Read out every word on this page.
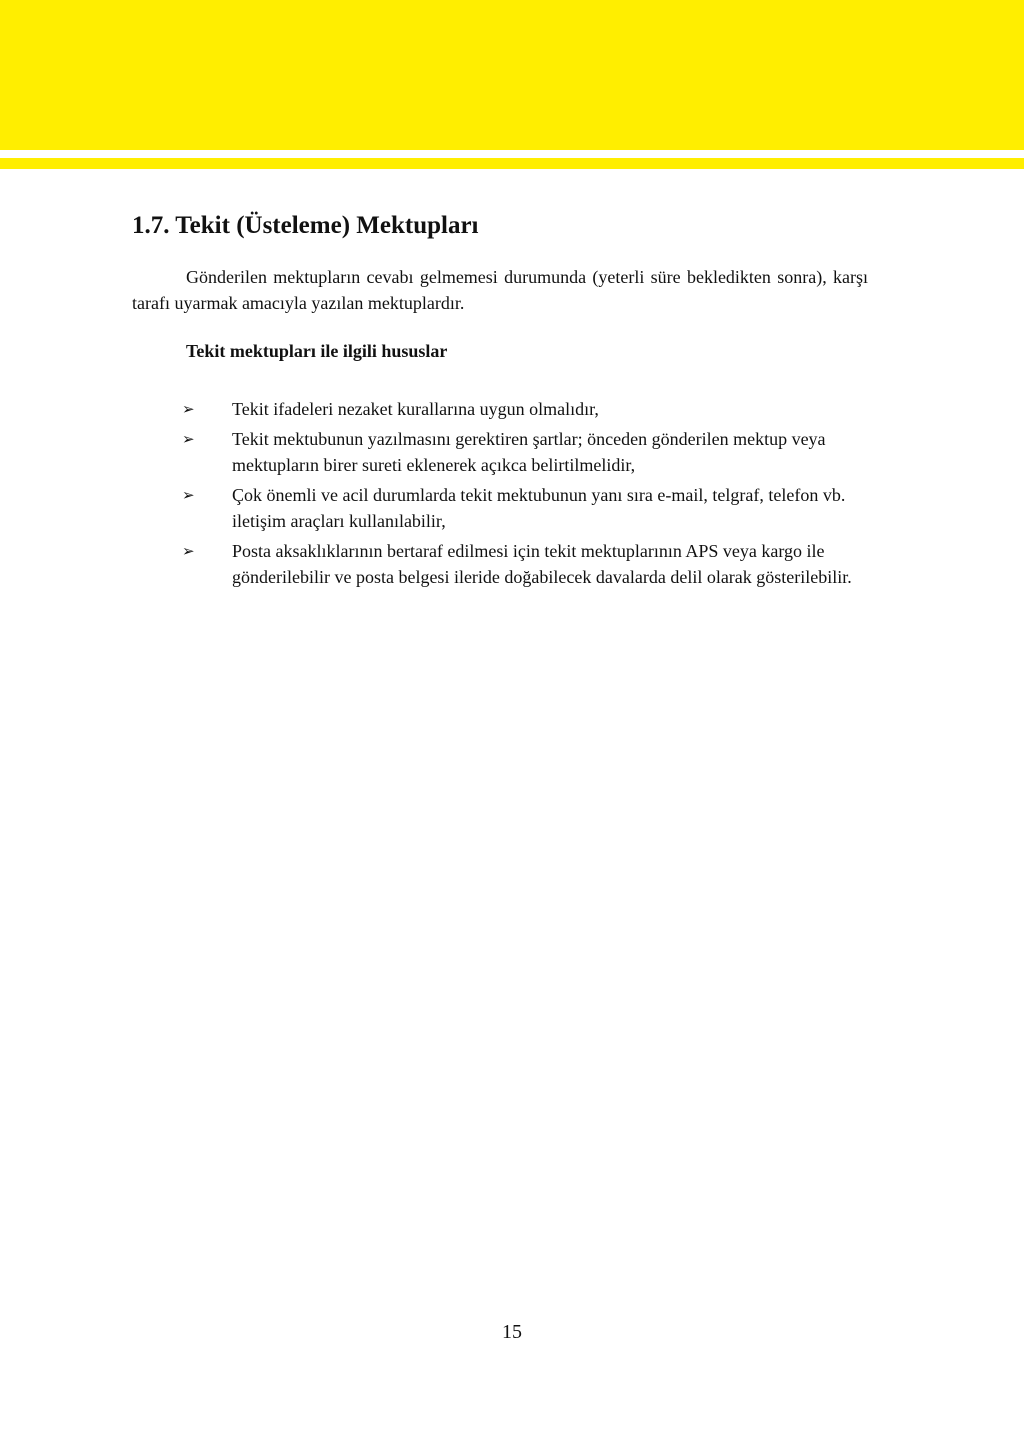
1.7. Tekit (Üsteleme) Mektupları

Gönderilen mektupların cevabı gelmemesi durumunda (yeterli süre bekledikten sonra), karşı tarafı uyarmak amacıyla yazılan mektuplardır.

Tekit mektupları ile ilgili hususlar
➢ Tekit ifadeleri nezaket kurallarına uygun olmalıdır,
➢ Tekit mektubunun yazılmasını gerektiren şartlar; önceden gönderilen mektup veya mektupların birer sureti eklenerek açıkca belirtilmelidir,
➢ Çok önemli ve acil durumlarda tekit mektubunun yanı sıra e-mail, telgraf, telefon vb. iletişim araçları kullanılabilir,
➢ Posta aksaklıklarının bertaraf edilmesi için tekit mektuplarının APS veya kargo ile gönderilebilir ve posta belgesi ileride doğabilecek davalarda delil olarak gösterilebilir.
15
